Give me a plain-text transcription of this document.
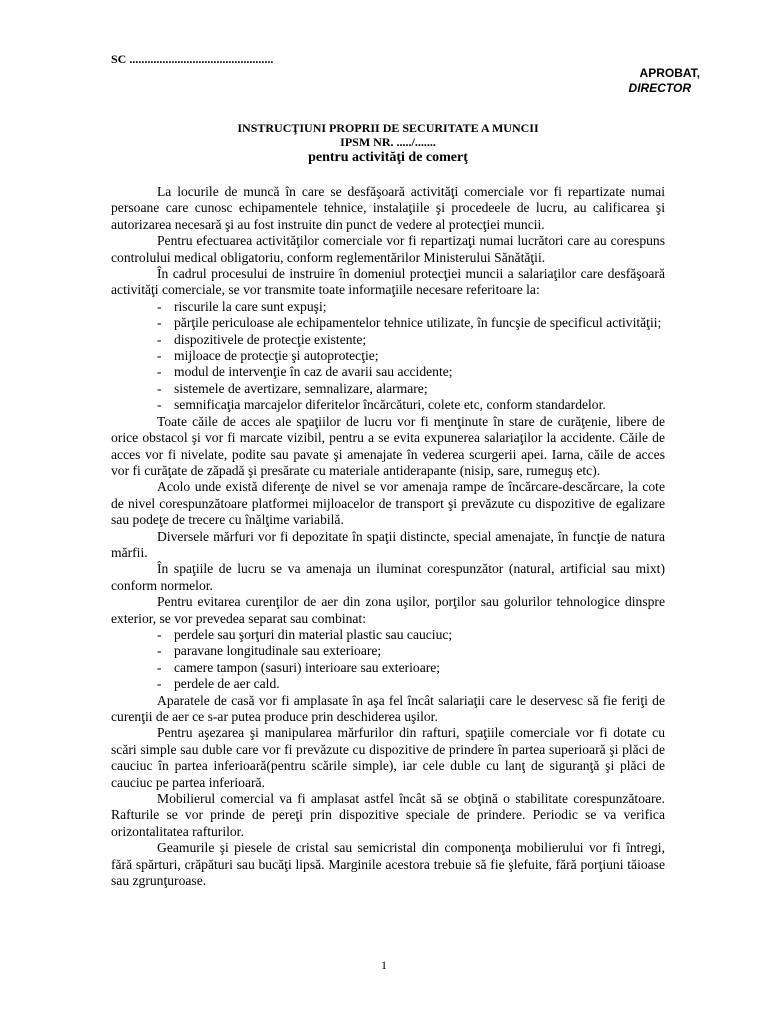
SC ................................................
APROBAT,
DIRECTOR
INSTRUCŢIUNI PROPRII DE SECURITATE A MUNCII
IPSM NR. ...../.......
pentru activităţi de comerţ
La locurile de muncă în care se desfăşoară activităţi comerciale vor fi repartizate numai persoane care cunosc echipamentele tehnice, instalaţiile şi procedeele de lucru, au calificarea şi autorizarea necesară şi au fost instruite din punct de vedere al protecţiei muncii.
Pentru efectuarea activităţilor comerciale vor fi repartizaţi numai lucrători care au corespuns controlului medical obligatoriu, conform reglementărilor Ministerului Sănătăţii.
În cadrul procesului de instruire în domeniul protecţiei muncii a salariaţilor care desfăşoară activităţi comerciale, se vor transmite toate informaţiile necesare referitoare la:
- riscurile la care sunt expuşi;
- părţile periculoase ale echipamentelor tehnice utilizate, în funcşie de specificul activităţii;
- dispozitivele de protecţie existente;
- mijloace de protecţie şi autoprotecţie;
- modul de intervenţie în caz de avarii sau accidente;
- sistemele de avertizare, semnalizare, alarmare;
- semnificaţia marcajelor diferitelor încărcături, colete etc, conform standardelor.
Toate căile de acces ale spaţiilor de lucru vor fi menţinute în stare de curăţenie, libere de orice obstacol şi vor fi marcate vizibil, pentru a se evita expunerea salariaţilor la accidente. Căile de acces vor fi nivelate, podite sau pavate şi amenajate în vederea scurgerii apei. Iarna, căile de acces vor fi curăţate de zăpadă şi presărate cu materiale antiderapante (nisip, sare, rumeguş etc).
Acolo unde există diferenţe de nivel se vor amenaja rampe de încărcare-descărcare, la cote de nivel corespunzătoare platformei mijloacelor de transport şi prevăzute cu dispozitive de egalizare sau podeţe de trecere cu înălţime variabilă.
Diversele mărfuri vor fi depozitate în spaţii distincte, special amenajate, în funcţie de natura mărfii.
În spaţiile de lucru se va amenaja un iluminat corespunzător (natural, artificial sau mixt) conform normelor.
Pentru evitarea curenţilor de aer din zona uşilor, porţilor sau golurilor tehnologice dinspre exterior, se vor prevedea separat sau combinat:
- perdele sau şorţuri din material plastic sau cauciuc;
- paravane longitudinale sau exterioare;
- camere tampon (sasuri) interioare sau exterioare;
- perdele de aer cald.
Aparatele de casă vor fi amplasate în aşa fel încât salariaţii care le deservesc să fie feriţi de curenţii de aer ce s-ar putea produce prin deschiderea uşilor.
Pentru aşezarea şi manipularea mărfurilor din rafturi, spaţiile comerciale vor fi dotate cu scări simple sau duble care vor fi prevăzute cu dispozitive de prindere în partea superioară şi plăci de cauciuc în partea inferioară(pentru scările simple), iar cele duble cu lanţ de siguranţă şi plăci de cauciuc pe partea inferioară.
Mobilierul comercial va fi amplasat astfel încât să se obţină o stabilitate corespunzătoare. Rafturile se vor prinde de pereţi prin dispozitive speciale de prindere. Periodic se va verifica orizontalitatea rafturilor.
Geamurile şi piesele de cristal sau semicristal din componenţa mobilierului vor fi întregi, fără spărturi, crăpături sau bucăţi lipsă. Marginile acestora trebuie să fie şlefuite, fără porţiuni tăioase sau zgrunţuroase.
1
